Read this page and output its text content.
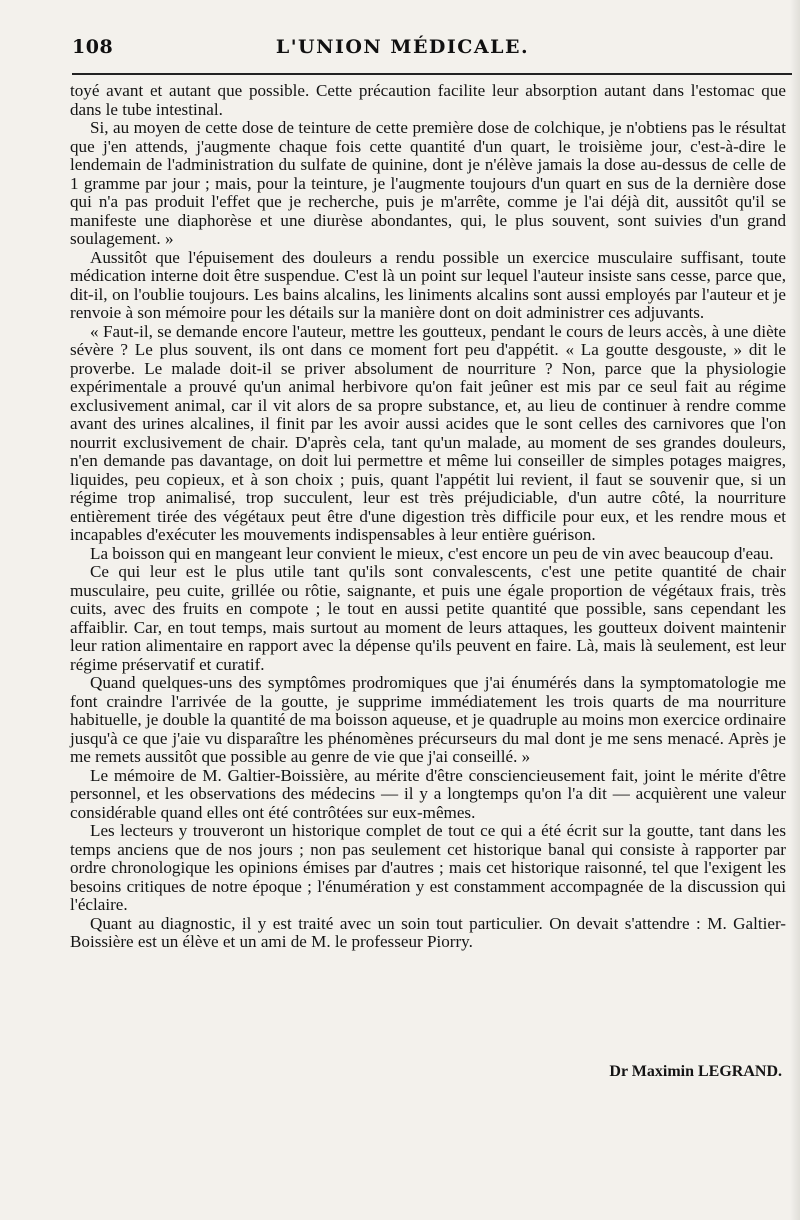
108	L'UNION MÉDICALE.

toyé avant et autant que possible. Cette précaution facilite leur absorption autant dans l'estomac que dans le tube intestinal.

Si, au moyen de cette dose de teinture de cette première dose de colchique, je n'obtiens pas le résultat que j'en attends, j'augmente chaque fois cette quantité d'un quart, le troisième jour, c'est-à-dire le lendemain de l'administration du sulfate de quinine, dont je n'élève jamais la dose au-dessus de celle de 1 gramme par jour ; mais, pour la teinture, je l'augmente toujours d'un quart en sus de la dernière dose qui n'a pas produit l'effet que je recherche, puis je m'arrête, comme je l'ai déjà dit, aussitôt qu'il se manifeste une diaphorèse et une diurèse abondantes, qui, le plus souvent, sont suivies d'un grand soulagement. »

Aussitôt que l'épuisement des douleurs a rendu possible un exercice musculaire suffisant, toute médication interne doit être suspendue. C'est là un point sur lequel l'auteur insiste sans cesse, parce que, dit-il, on l'oublie toujours. Les bains alcalins, les liniments alcalins sont aussi employés par l'auteur et je renvoie à son mémoire pour les détails sur la manière dont on doit administrer ces adjuvants.

« Faut-il, se demande encore l'auteur, mettre les goutteux, pendant le cours de leurs accès, à une diète sévère ? Le plus souvent, ils ont dans ce moment fort peu d'appétit. « La goutte desgouste, » dit le proverbe. Le malade doit-il se priver absolument de nourriture ? Non, parce que la physiologie expérimentale a prouvé qu'un animal herbivore qu'on fait jeûner est mis par ce seul fait au régime exclusivement animal, car il vit alors de sa propre substance, et, au lieu de continuer à rendre comme avant des urines alcalines, il finit par les avoir aussi acides que le sont celles des carnivores que l'on nourrit exclusivement de chair. D'après cela, tant qu'un malade, au moment de ses grandes douleurs, n'en demande pas davantage, on doit lui permettre et même lui conseiller de simples potages maigres, liquides, peu copieux, et à son choix ; puis, quant l'appétit lui revient, il faut se souvenir que, si un régime trop animalisé, trop succulent, leur est très préjudiciable, d'un autre côté, la nourriture entièrement tirée des végétaux peut être d'une digestion très difficile pour eux, et les rendre mous et incapables d'exécuter les mouvements indispensables à leur entière guérison.

La boisson qui en mangeant leur convient le mieux, c'est encore un peu de vin avec beaucoup d'eau.

Ce qui leur est le plus utile tant qu'ils sont convalescents, c'est une petite quantité de chair musculaire, peu cuite, grillée ou rôtie, saignante, et puis une égale proportion de végétaux frais, très cuits, avec des fruits en compote ; le tout en aussi petite quantité que possible, sans cependant les affaiblir. Car, en tout temps, mais surtout au moment de leurs attaques, les goutteux doivent maintenir leur ration alimentaire en rapport avec la dépense qu'ils peuvent en faire. Là, mais là seulement, est leur régime préservatif et curatif.

Quand quelques-uns des symptômes prodromiques que j'ai énumérés dans la symptomatologie me font craindre l'arrivée de la goutte, je supprime immédiatement les trois quarts de ma nourriture habituelle, je double la quantité de ma boisson aqueuse, et je quadruple au moins mon exercice ordinaire jusqu'à ce que j'aie vu disparaître les phénomènes précurseurs du mal dont je me sens menacé. Après je me remets aussitôt que possible au genre de vie que j'ai conseillé. »

Le mémoire de M. Galtier-Boissière, au mérite d'être consciencieusement fait, joint le mérite d'être personnel, et les observations des médecins — il y a longtemps qu'on l'a dit — acquièrent une valeur considérable quand elles ont été contrôtées sur eux-mêmes.

Les lecteurs y trouveront un historique complet de tout ce qui a été écrit sur la goutte, tant dans les temps anciens que de nos jours ; non pas seulement cet historique banal qui consiste à rapporter par ordre chronologique les opinions émises par d'autres ; mais cet historique raisonné, tel que l'exigent les besoins critiques de notre époque ; l'énumération y est constamment accompagnée de la discussion qui l'éclaire.

Quant au diagnostic, il y est traité avec un soin tout particulier. On devait s'attendre : M. Galtier-Boissière est un élève et un ami de M. le professeur Piorry.

Dr Maximin LEGRAND.
